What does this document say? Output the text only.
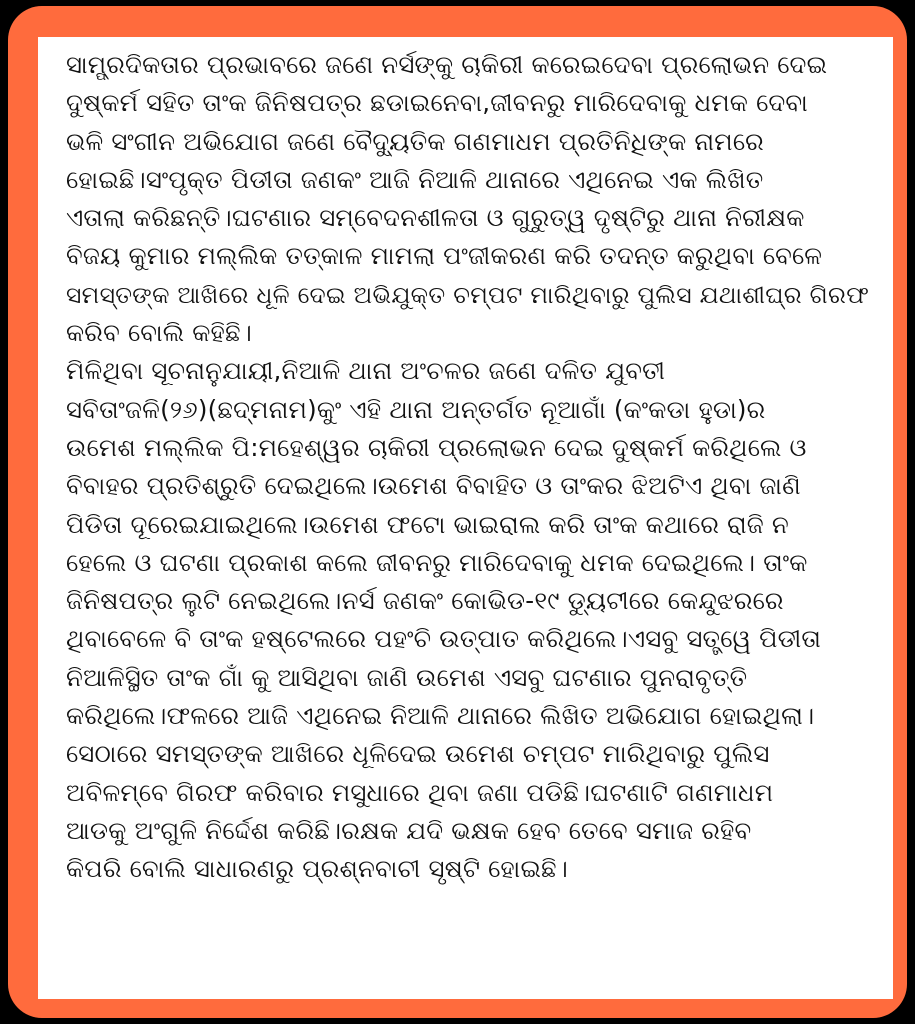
ସାମ୍ପ୍ରଦିକତାର ପ୍ରଭାବରେ ଜଣେ ନର୍ସଙ୍କୁ ଚାକିରୀ କରେଇଦେବା ପ୍ରଲୋଭନ ଦେଇ
ଦୁଷ୍କର୍ମ ସହିତ ତାଂକ ଜିନିଷପତ୍ର ଛଡାଇନେବା,ଜୀବନରୁ ମାରିଦେବାକୁ ଧମକ ଦେବା
ଭଳି ସଂଗୀନ ଅଭିଯୋଗ ଜଣେ ବୈଦ୍ୟୁତିକ ଗଣମାଧମ ପ୍ରତିନିଧିଙ୍କ ନାମରେ
ହୋଇଛି।ସଂପୃକ୍ତ ପିଡୀତା ଜଣକଂ ଆଜି ନିଆଳି ଥାନାରେ ଏଥିନେଇ ଏକ ଲିଖିତ
ଏତାଲା କରିଛନ୍ତି।ଘଟଣାର ସମ୍ବେଦନଶୀଳତା ଓ ଗୁରୁତ୍ୱ ଦୃଷ୍ଟିରୁ ଥାନା ନିରୀକ୍ଷକ
ବିଜୟ କୁମାର ମଲ୍ଲିକ ତତ୍କାଳ ମାମଲା ପଂଜୀକରଣ କରି ତଦନ୍ତ କରୁଥିବା ବେଳେ
ସମସ୍ତଙ୍କ ଆଖିରେ ଧୂଳି ଦେଇ ଅଭିଯୁକ୍ତ ଚମ୍ପଟ ମାରିଥିବାରୁ ପୁଲିସ ଯଥାଶୀଘ୍ର ଗିରଫ
କରିବ ବୋଲି କହିଛି।
ମିଳିଥିବା ସୂଚନାନୁଯାୟୀ,ନିଆଳି ଥାନା ଅଂଚଳର ଜଣେ ଦଳିତ ଯୁବତୀ
ସବିତାଂଜଳି(୨୬)(ଛଦ୍ମନାମ)କୁଂ ଏହି ଥାନା ଅନ୍ତର୍ଗତ ନୂଆଗାଁ (କଂକଡା ହୁଡା)ର
ଉମେଶ ମଲ୍ଲିକ ପି:ମହେଶ୍ୱର ଚାକିରୀ ପ୍ରଲୋଭନ ଦେଇ ଦୁଷ୍କର୍ମ କରିଥିଲେ ଓ
ବିବାହର ପ୍ରତିଶ୍ରୁତି ଦେଇଥିଲେ।ଉମେଶ ବିବାହିତ ଓ ତାଂକର ଝିଅଟିଏ ଥିବା ଜାଣି
ପିଡିତା ଦୂରେଇଯାଇଥିଲେ।ଉମେଶ ଫଟୋ ଭାଇରାଲ କରି ତାଂକ କଥାରେ ରାଜି ନ
ହେଲେ ଓ ଘଟଣା ପ୍ରକାଶ କଲେ ଜୀବନରୁ ମାରିଦେବାକୁ ଧମକ ଦେଇଥିଲେ। ତାଂକ
ଜିନିଷପତ୍ର ଲୁଟି ନେଇଥିଲେ।ନର୍ସ ଜଣକଂ କୋଭିଡ-୧୯ ଡ୍ୟୁଟୀରେ କେନ୍ଦୁଝରରେ
ଥିବାବେଳେ ବି ତାଂକ ହଷ୍ଟେଲରେ ପହଂଚି ଉତ୍ପାତ କରିଥିଲେ।ଏସବୁ ସତ୍ତ୍ୱେ ପିଡୀତା
ନିଆଳିସ୍ଥିତ ତାଂକ ଗାଁ କୁ ଆସିଥିବା ଜାଣି ଉମେଶ ଏସବୁ ଘଟଣାର ପୁନରାବୃତ୍ତି
କରିଥିଲେ।ଫଳରେ ଆଜି ଏଥିନେଇ ନିଆଳି ଥାନାରେ ଲିଖିତ ଅଭିଯୋଗ ହୋଇଥିଲା।
ସେଠାରେ ସମସ୍ତଙ୍କ ଆଖିରେ ଧୂଳିଦେଇ ଉମେଶ ଚମ୍ପଟ ମାରିଥିବାରୁ ପୁଲିସ
ଅବିଳମ୍ବେ ଗିରଫ କରିବାର ମସୁଧାରେ ଥିବା ଜଣା ପଡିଛି।ଘଟଣାଟି ଗଣମାଧମ
ଆଡକୁ ଅଂଗୁଳି ନିର୍ଦ୍ଦେଶ କରିଛି।ରକ୍ଷକ ଯଦି ଭକ୍ଷକ ହେବ ତେବେ ସମାଜ ରହିବ
କିପରି ବୋଲି ସାଧାରଣରୁ ପ୍ରଶ୍ନବାଚୀ ସୃଷ୍ଟି ହୋଇଛି।
